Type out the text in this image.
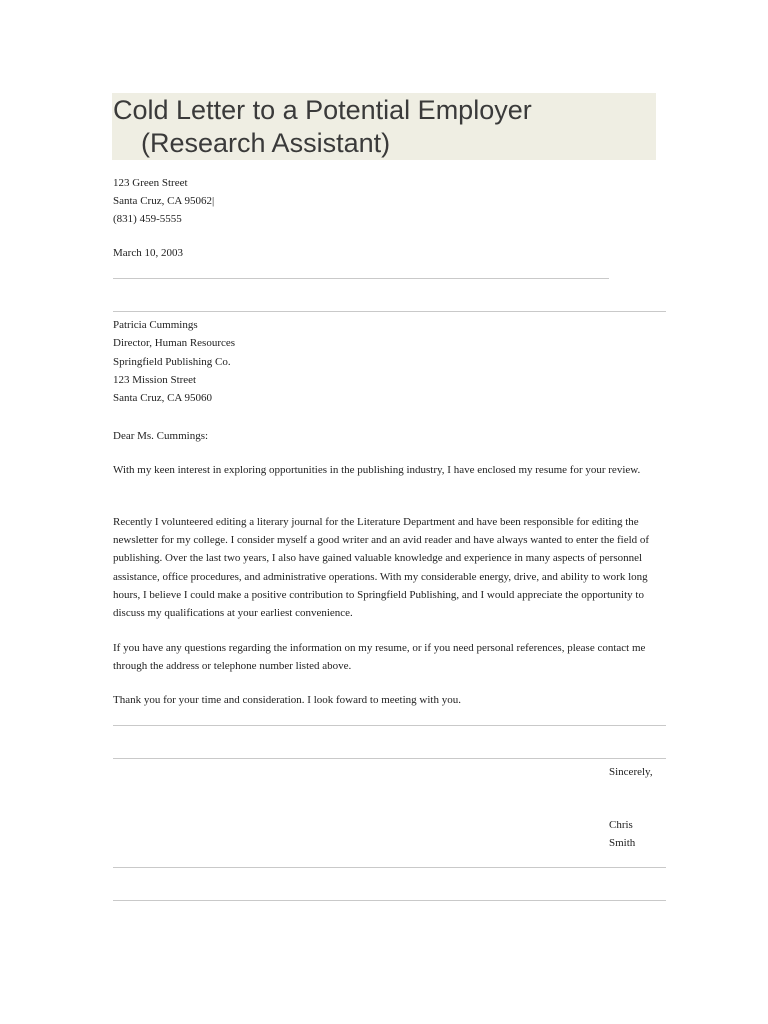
Cold Letter to a Potential Employer
(Research Assistant)
123 Green Street
Santa Cruz, CA 95062|
(831) 459-5555
March 10, 2003
Patricia Cummings
Director, Human Resources
Springfield Publishing Co.
123 Mission Street
Santa Cruz, CA 95060
Dear Ms. Cummings:
With my keen interest in exploring opportunities in the publishing industry, I have enclosed my resume for your review.
Recently I volunteered editing a literary journal for the Literature Department and have been responsible for editing the newsletter for my college. I consider myself a good writer and an avid reader and have always wanted to enter the field of publishing. Over the last two years, I also have gained valuable knowledge and experience in many aspects of personnel assistance, office procedures, and administrative operations. With my considerable energy, drive, and ability to work long hours, I believe I could make a positive contribution to Springfield Publishing, and I would appreciate the opportunity to discuss my qualifications at your earliest convenience.
If you have any questions regarding the information on my resume, or if you need personal references, please contact me through the address or telephone number listed above.
Thank you for your time and consideration. I look foward to meeting with you.
Sincerely,
Chris
Smith
